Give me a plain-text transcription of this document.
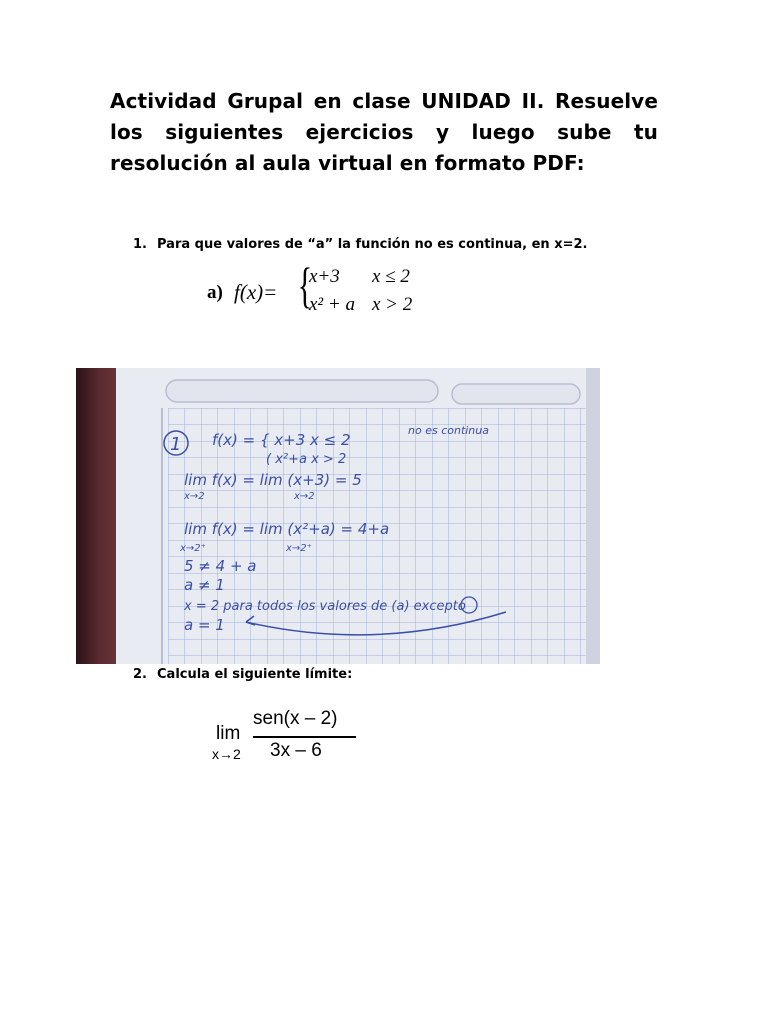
Actividad Grupal en clase UNIDAD II. Resuelve los siguientes ejercicios y luego sube tu resolución al aula virtual en formato PDF:
1. Para que valores de “a” la función no es continua, en x=2.
a) f(x)= {
x+3 x ≤ 2
x² + a x > 2
1
no es continua
f(x) = { x+3 x ≤ 2
( x²+a x > 2
lim f(x) = lim (x+3) = 5
x→2	x→2
lim f(x) = lim (x²+a) = 4+a
x→2⁺	x→2⁺
5 ≠ 4 + a
a ≠ 1
x = 2 para todos los valores de (a) excepto
a = 1
2. Calcula el siguiente límite:
lim
x→2
sen(x – 2)
3x – 6
